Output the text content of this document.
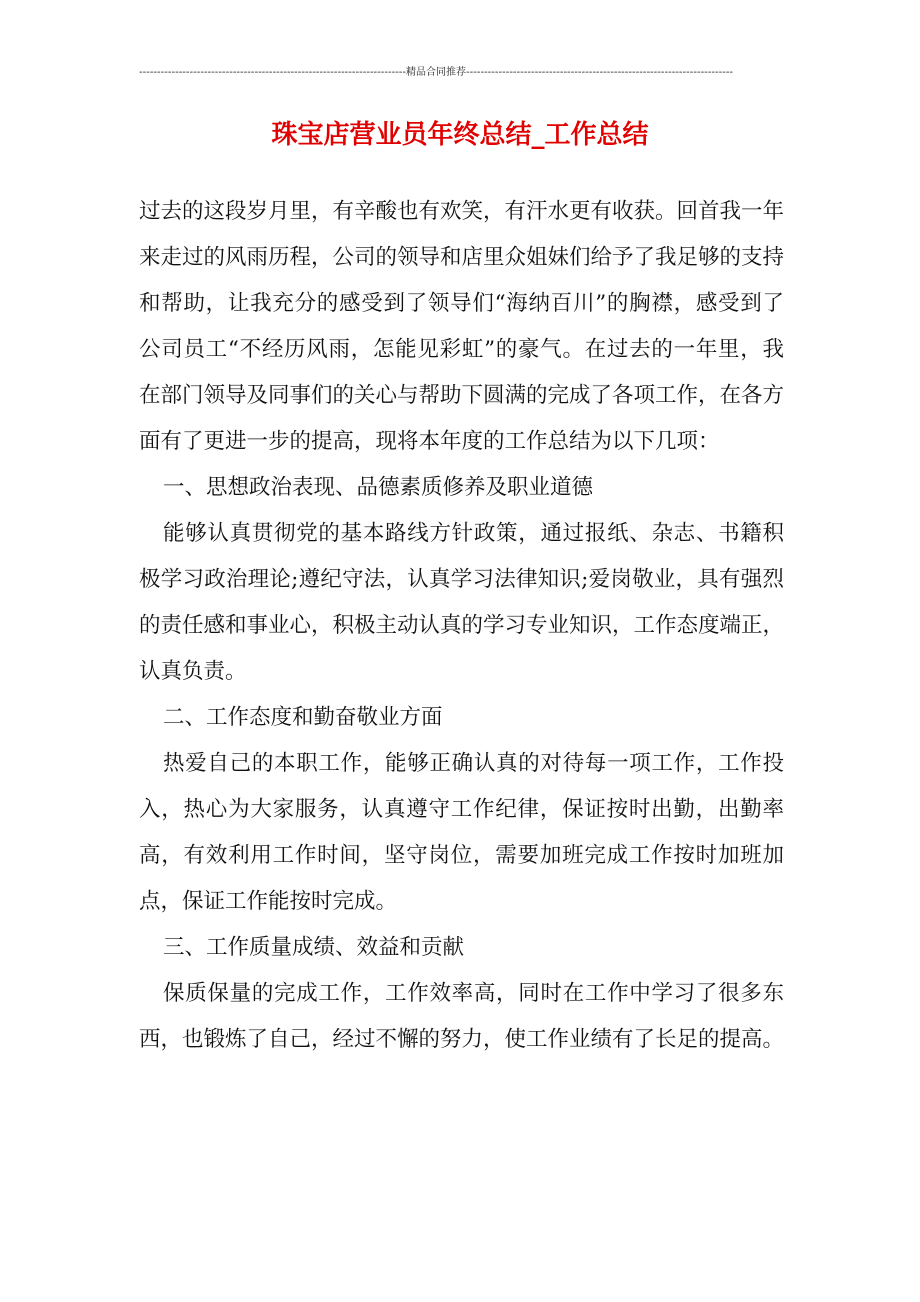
--------------------------------------------------------------------------精品合同推荐--------------------------------------------------------------------------
珠宝店营业员年终总结_工作总结

过去的这段岁月里，有辛酸也有欢笑，有汗水更有收获。回首我一年来走过的风雨历程，公司的领导和店里众姐妹们给予了我足够的支持和帮助，让我充分的感受到了领导们“海纳百川”的胸襟，感受到了公司员工“不经历风雨，怎能见彩虹”的豪气。在过去的一年里，我在部门领导及同事们的关心与帮助下圆满的完成了各项工作，在各方面有了更进一步的提高，现将本年度的工作总结为以下几项：

一、思想政治表现、品德素质修养及职业道德

能够认真贯彻党的基本路线方针政策，通过报纸、杂志、书籍积极学习政治理论;遵纪守法，认真学习法律知识;爱岗敬业，具有强烈的责任感和事业心，积极主动认真的学习专业知识，工作态度端正，认真负责。

二、工作态度和勤奋敬业方面

热爱自己的本职工作，能够正确认真的对待每一项工作，工作投入，热心为大家服务，认真遵守工作纪律，保证按时出勤，出勤率高，有效利用工作时间，坚守岗位，需要加班完成工作按时加班加点，保证工作能按时完成。

三、工作质量成绩、效益和贡献

保质保量的完成工作，工作效率高，同时在工作中学习了很多东西，也锻炼了自己，经过不懈的努力，使工作业绩有了长足的提高。
